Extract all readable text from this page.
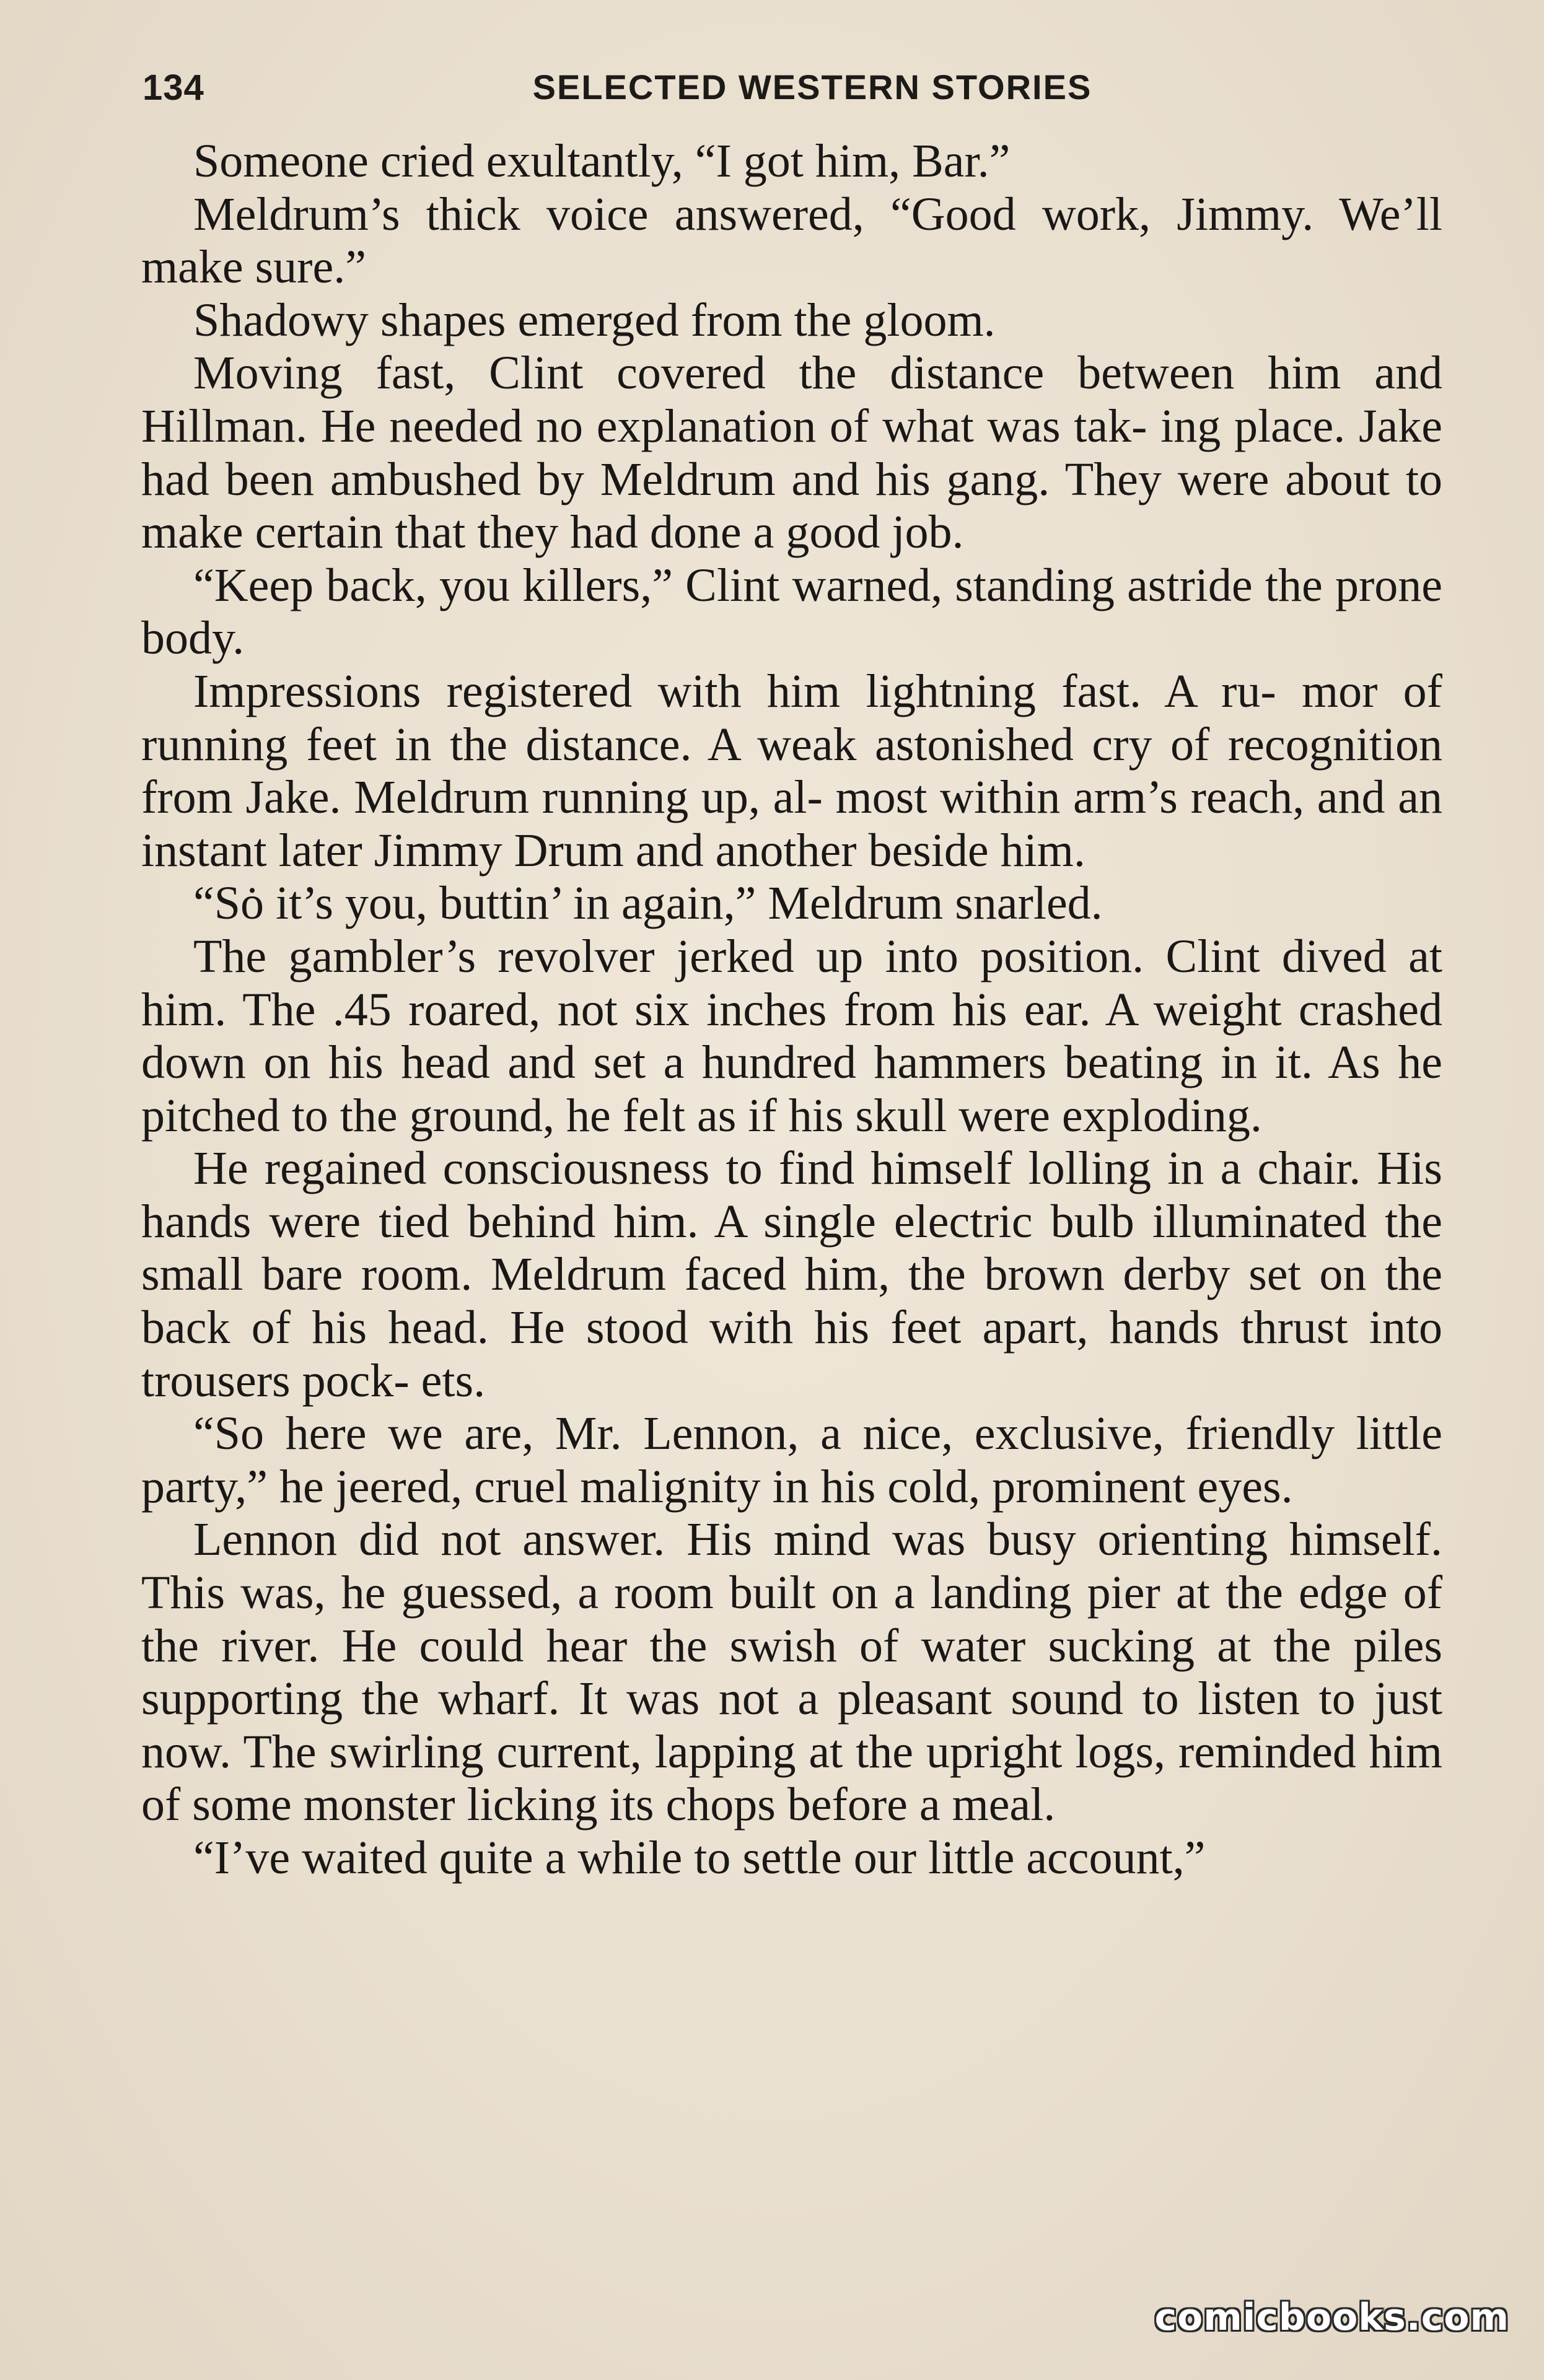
134	SELECTED WESTERN STORIES

Someone cried exultantly, “I got him, Bar.”

Meldrum’s thick voice answered, “Good work, Jimmy. We’ll make sure.”

Shadowy shapes emerged from the gloom.

Moving fast, Clint covered the distance between him and Hillman. He needed no explanation of what was tak- ing place. Jake had been ambushed by Meldrum and his gang. They were about to make certain that they had done a good job.

“Keep back, you killers,” Clint warned, standing astride the prone body.

Impressions registered with him lightning fast. A ru- mor of running feet in the distance. A weak astonished cry of recognition from Jake. Meldrum running up, al- most within arm’s reach, and an instant later Jimmy Drum and another beside him.

“Sȯ it’s you, buttin’ in again,” Meldrum snarled.

The gambler’s revolver jerked up into position. Clint dived at him. The .45 roared, not six inches from his ear. A weight crashed down on his head and set a hundred hammers beating in it. As he pitched to the ground, he felt as if his skull were exploding.

He regained consciousness to find himself lolling in a chair. His hands were tied behind him. A single electric bulb illuminated the small bare room. Meldrum faced him, the brown derby set on the back of his head. He stood with his feet apart, hands thrust into trousers pock- ets.

“So here we are, Mr. Lennon, a nice, exclusive, friendly little party,” he jeered, cruel malignity in his cold, prominent eyes.

Lennon did not answer. His mind was busy orienting himself. This was, he guessed, a room built on a landing pier at the edge of the river. He could hear the swish of water sucking at the piles supporting the wharf. It was not a pleasant sound to listen to just now. The swirling current, lapping at the upright logs, reminded him of some monster licking its chops before a meal.

“I’ve waited quite a while to settle our little account,”

comicbooks.com
